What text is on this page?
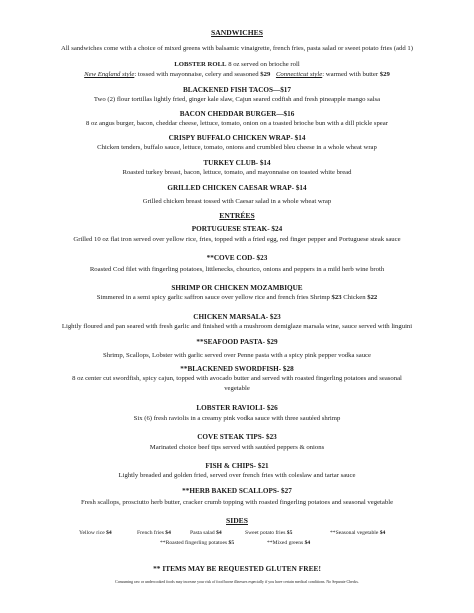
SANDWICHES
All sandwiches come with a choice of mixed greens with balsamic vinaigrette, french fries, pasta salad or sweet potato fries (add 1)
LOBSTER ROLL 8 oz served on brioche roll
New England style: tossed with mayonnaise, celery and seasoned $29 Connecticut style: warmed with butter $29
BLACKENED FISH TACOS—$17
Two (2) flour tortillas lightly fried, ginger kale slaw, Cajun seared codfish and fresh pineapple mango salsa
BACON CHEDDAR BURGER—$16
8 oz angus burger, bacon, cheddar cheese, lettuce, tomato, onion on a toasted brioche bun with a dill pickle spear
CRISPY BUFFALO CHICKEN WRAP- $14
Chicken tenders, buffalo sauce, lettuce, tomato, onions and crumbled bleu cheese in a whole wheat wrap
TURKEY CLUB- $14
Roasted turkey breast, bacon, lettuce, tomato, and mayonnaise on toasted white bread
GRILLED CHICKEN CAESAR WRAP- $14
Grilled chicken breast tossed with Caesar salad in a whole wheat wrap
ENTRÉES
PORTUGUESE STEAK- $24
Grilled 10 oz flat iron served over yellow rice, fries, topped with a fried egg, red finger pepper and Portuguese steak sauce
**COVE COD- $23
Roasted Cod filet with fingerling potatoes, littlenecks, chourico, onions and peppers in a mild herb wine broth
SHRIMP OR CHICKEN MOZAMBIQUE
Simmered in a semi spicy garlic saffron sauce over yellow rice and french fries Shrimp $23 Chicken $22
CHICKEN MARSALA- $23
Lightly floured and pan seared with fresh garlic and finished with a mushroom demiglaze marsala wine, sauce served with linguini
**SEAFOOD PASTA- $29
Shrimp, Scallops, Lobster with garlic served over Penne pasta with a spicy pink pepper vodka sauce
**BLACKENED SWORDFISH- $28
8 oz center cut swordfish, spicy cajun, topped with avocado butter and served with roasted fingerling potatoes and seasonal
vegetable
LOBSTER RAVIOLI- $26
Six (6) fresh raviolis in a creamy pink vodka sauce with three sautéed shrimp
COVE STEAK TIPS- $23
Marinated choice beef tips served with sautéed peppers & onions
FISH & CHIPS- $21
Lightly breaded and golden fried, served over french fries with coleslaw and tartar sauce
**HERB BAKED SCALLOPS- $27
Fresh scallops, prosciutto herb butter, cracker crumb topping with roasted fingerling potatoes and seasonal vegetable
SIDES
Yellow rice $4	French fries $4	Pasta salad $4	Sweet potato fries $5	**Seasonal vegetable $4
**Roasted fingerling potatoes $5	**Mixed greens $4
** ITEMS MAY BE REQUESTED GLUTEN FREE!
Consuming raw or undercooked foods may increase your risk of food borne illnesses especially if you have certain medical conditions. No Separate Checks.
